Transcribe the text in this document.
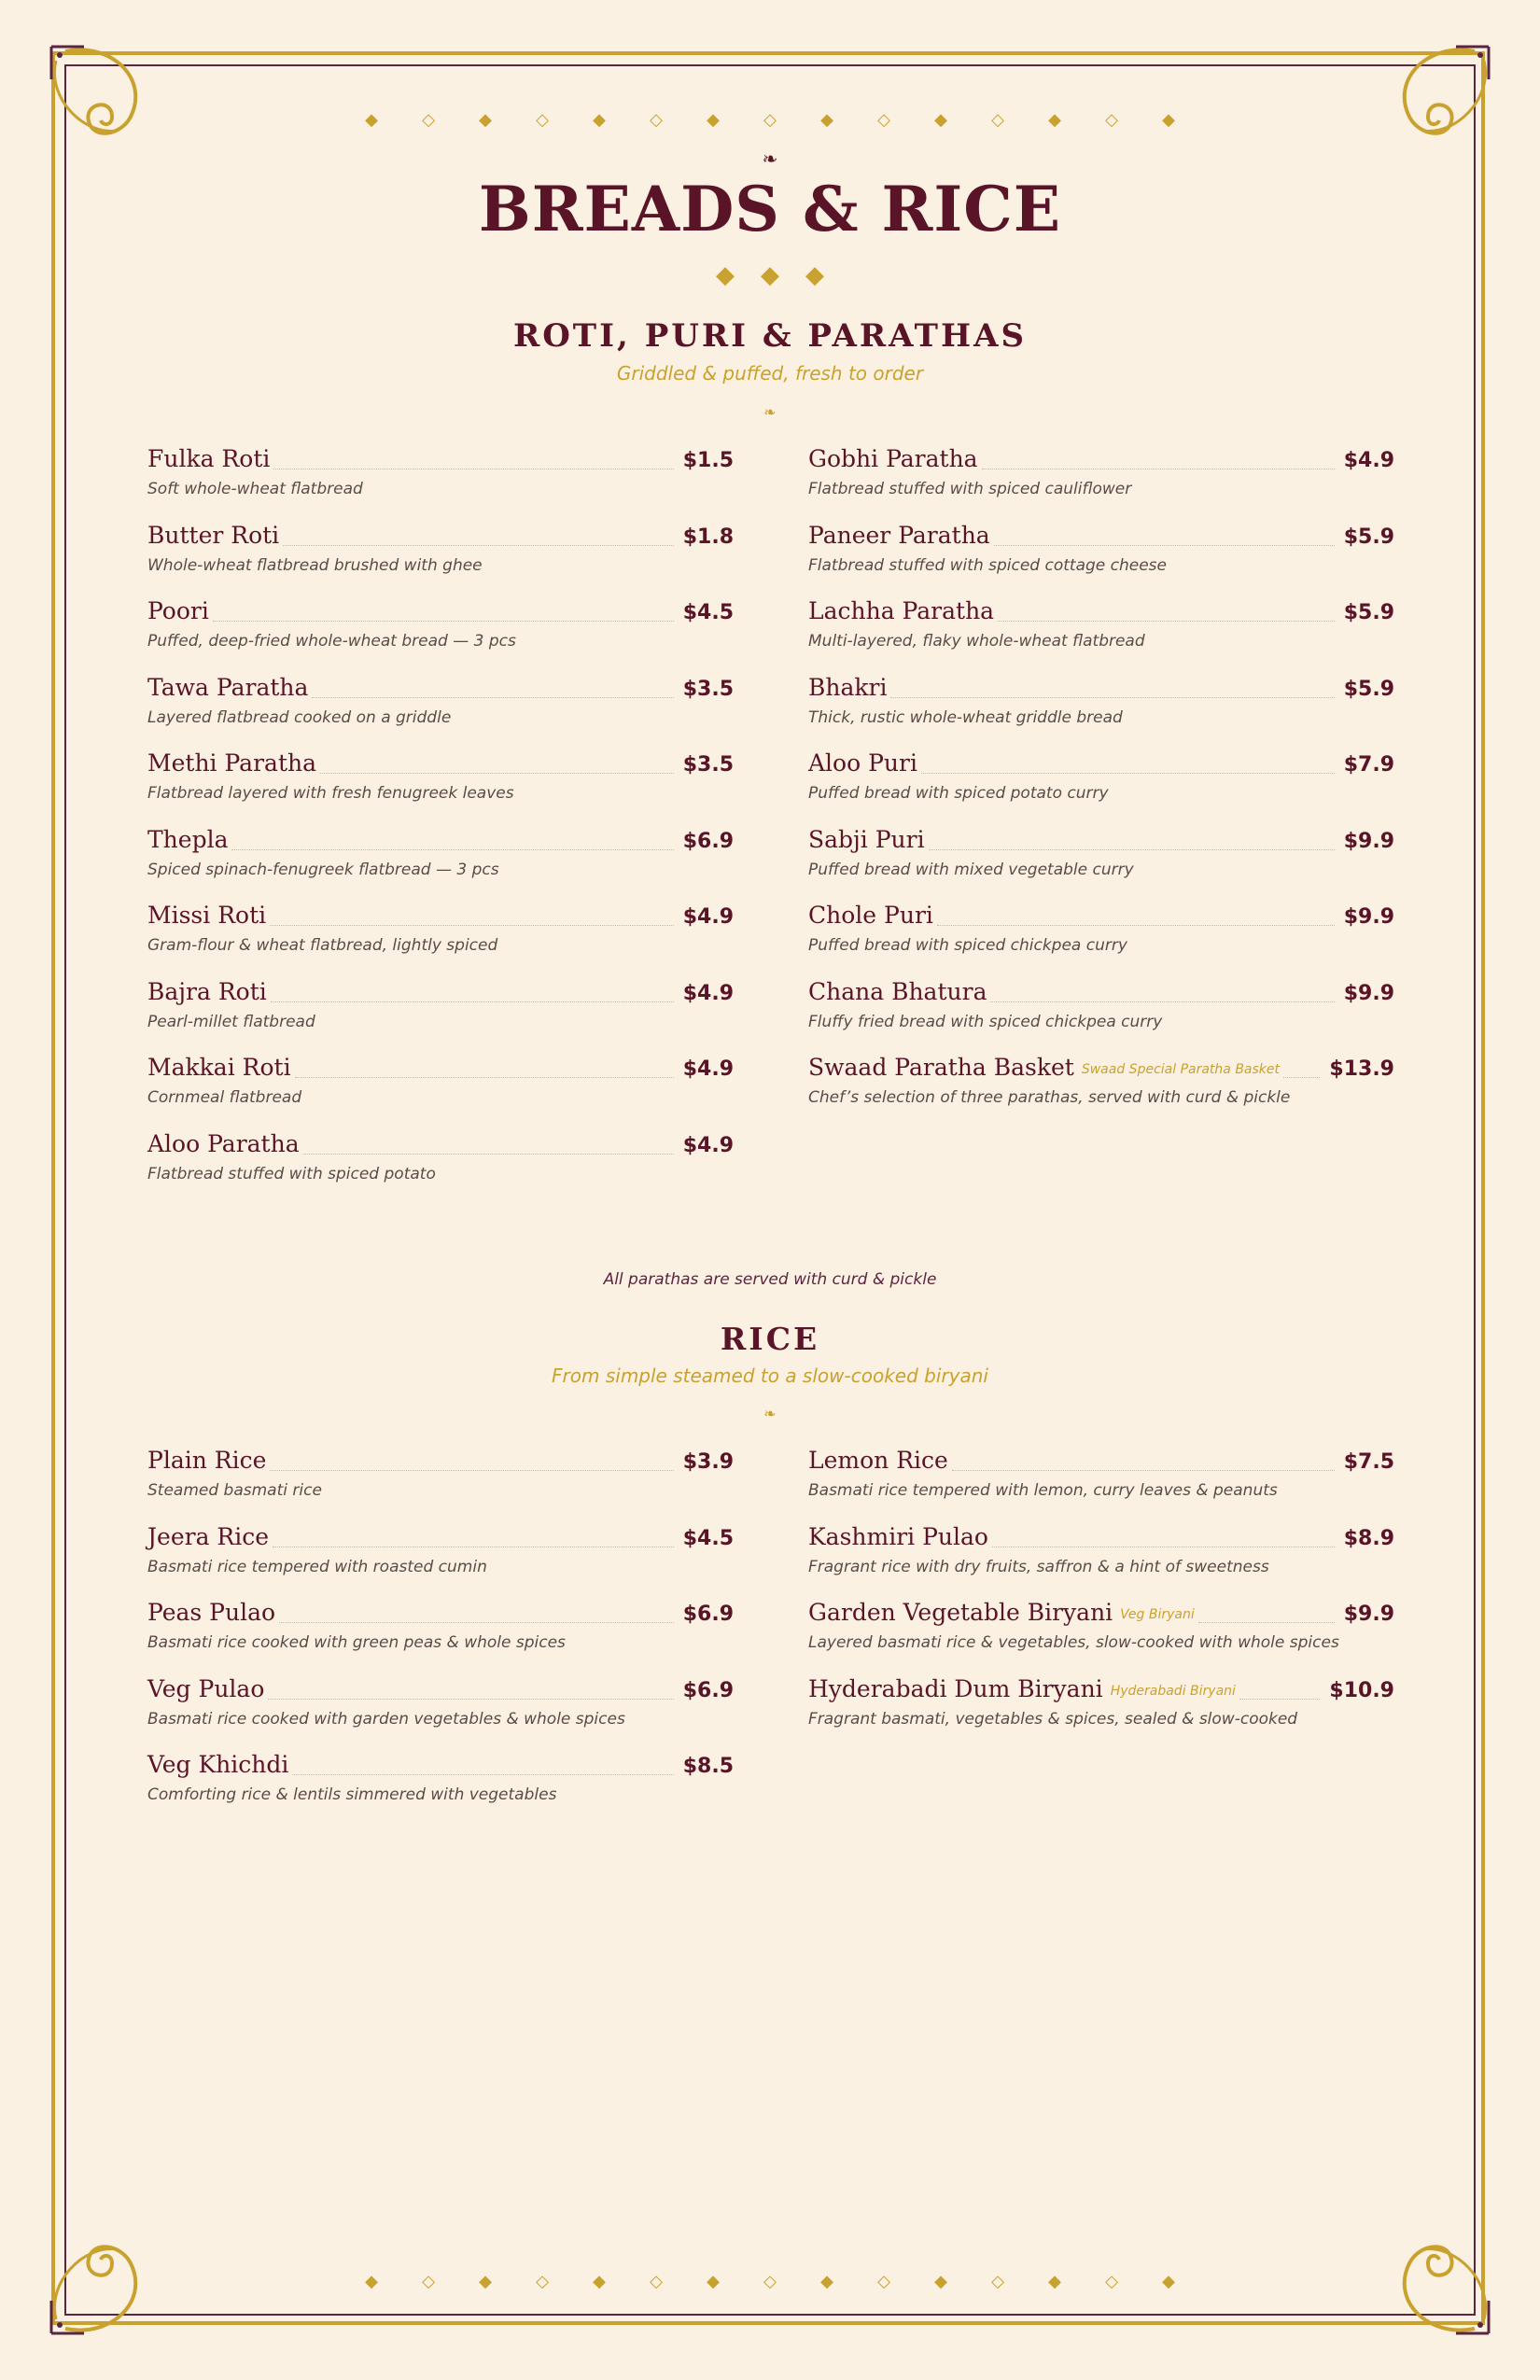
◆	◇	◆	◇	◆	◇	◆	◇	◆	◇	◆	◇	◆	◇	◆
❧
BREADS & RICE
◆ ◆ ◆
ROTI, PURI & PARATHAS
Griddled & puffed, fresh to order
❧
Fulka Roti	$1.5
Soft whole-wheat flatbread
Butter Roti	$1.8
Whole-wheat flatbread brushed with ghee
Poori	$4.5
Puffed, deep-fried whole-wheat bread — 3 pcs
Tawa Paratha	$3.5
Layered flatbread cooked on a griddle
Methi Paratha	$3.5
Flatbread layered with fresh fenugreek leaves
Thepla	$6.9
Spiced spinach-fenugreek flatbread — 3 pcs
Missi Roti	$4.9
Gram-flour & wheat flatbread, lightly spiced
Bajra Roti	$4.9
Pearl-millet flatbread
Makkai Roti	$4.9
Cornmeal flatbread
Aloo Paratha	$4.9
Flatbread stuffed with spiced potato
Gobhi Paratha	$4.9
Flatbread stuffed with spiced cauliflower
Paneer Paratha	$5.9
Flatbread stuffed with spiced cottage cheese
Lachha Paratha	$5.9
Multi-layered, flaky whole-wheat flatbread
Bhakri	$5.9
Thick, rustic whole-wheat griddle bread
Aloo Puri	$7.9
Puffed bread with spiced potato curry
Sabji Puri	$9.9
Puffed bread with mixed vegetable curry
Chole Puri	$9.9
Puffed bread with spiced chickpea curry
Chana Bhatura	$9.9
Fluffy fried bread with spiced chickpea curry
Swaad Paratha Basket Swaad Special Paratha Basket $13.9
Chef’s selection of three parathas, served with curd & pickle
All parathas are served with curd & pickle
RICE
From simple steamed to a slow-cooked biryani
❧
Plain Rice	$3.9
Steamed basmati rice
Jeera Rice	$4.5
Basmati rice tempered with roasted cumin
Peas Pulao	$6.9
Basmati rice cooked with green peas & whole spices
Veg Pulao	$6.9
Basmati rice cooked with garden vegetables & whole spices
Veg Khichdi	$8.5
Comforting rice & lentils simmered with vegetables
Lemon Rice	$7.5
Basmati rice tempered with lemon, curry leaves & peanuts
Kashmiri Pulao	$8.9
Fragrant rice with dry fruits, saffron & a hint of sweetness
Garden Vegetable Biryani Veg Biryani	$9.9
Layered basmati rice & vegetables, slow-cooked with whole spices
Hyderabadi Dum Biryani Hyderabadi Biryani	$10.9
Fragrant basmati, vegetables & spices, sealed & slow-cooked
◆	◇	◆	◇	◆	◇	◆	◇	◆	◇	◆	◇	◆	◇	◆
